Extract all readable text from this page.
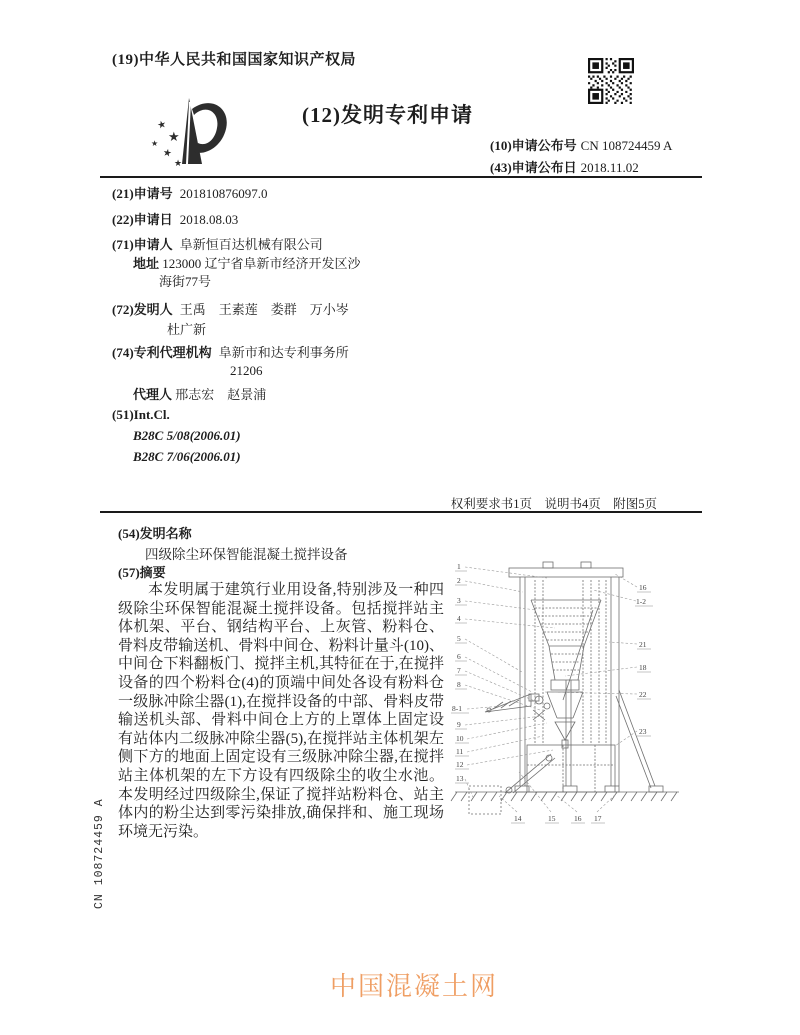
(19)中华人民共和国国家知识产权局
★
★
★
★
★
(12)发明专利申请
(10)申请公布号 CN 108724459 A
(43)申请公布日 2018.11.02
(21)申请号 201810876097.0
(22)申请日 2018.08.03
(71)申请人 阜新恒百达机械有限公司
地址 123000 辽宁省阜新市经济开发区沙
海街77号
(72)发明人 王禹　王素莲　娄群　万小岑
杜广新
(74)专利代理机构 阜新市和达专利事务所
21206
代理人 邢志宏　赵景浦
(51)Int.Cl.
B28C 5/08(2006.01)
B28C 7/06(2006.01)
权利要求书1页　说明书4页　附图5页
(54)发明名称
四级除尘环保智能混凝土搅拌设备
(57)摘要
本发明属于建筑行业用设备,特别涉及一种四级除尘环保智能混凝土搅拌设备。包括搅拌站主体机架、平台、钢结构平台、上灰管、粉料仓、骨料皮带输送机、骨料中间仓、粉料计量斗(10)、中间仓下料翻板门、搅拌主机,其特征在于,在搅拌设备的四个粉料仓(4)的顶端中间处各设有粉料仓一级脉冲除尘器(1),在搅拌设备的中部、骨料皮带输送机头部、骨料中间仓上方的上罩体上固定设有站体内二级脉冲除尘器(5),在搅拌站主体机架左侧下方的地面上固定设有三级脉冲除尘器,在搅拌站主体机架的左下方设有四级除尘的收尘水池。本发明经过四级除尘,保证了搅拌站粉料仓、站主体内的粉尘达到零污染排放,确保拌和、施工现场环境无污染。
1
2
3
4
5
6
7
8
8-1
9
10
11
12
13
16
1-2
21
18
22
23
14	15 16 17
CN 108724459 A
中国混凝土网
